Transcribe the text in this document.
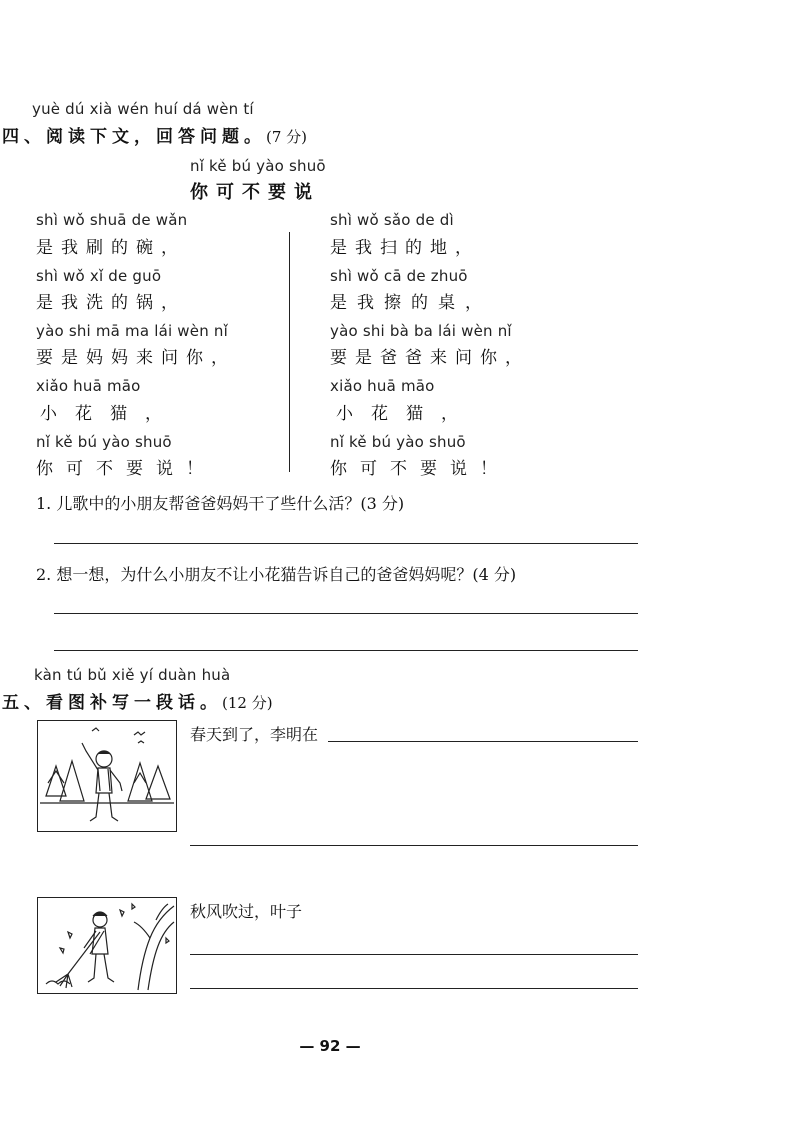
yuè dú xià wén huí dá wèn tí
四、阅读下文，回答问题。(7 分)
nǐ kě bú yào shuō
你可不要说
shì wǒ shuā de wǎn
是我刷的碗，
shì wǒ xǐ de guō
是我洗的锅，
yào shi mā ma lái wèn nǐ
要是妈妈来问你，
xiǎo huā māo
小花猫，
nǐ kě bú yào shuō
你可不要说！
shì wǒ sǎo de dì
是我扫的地，
shì wǒ cā de zhuō
是我擦的桌，
yào shi bà ba lái wèn nǐ
要是爸爸来问你，
xiǎo huā māo
小花猫，
nǐ kě bú yào shuō
你可不要说！
1. 儿歌中的小朋友帮爸爸妈妈干了些什么活？(3 分)
2. 想一想，为什么小朋友不让小花猫告诉自己的爸爸妈妈呢？(4 分)
kàn tú bǔ xiě yí duàn huà
五、看图补写一段话。(12 分)
春天到了，李明在
秋风吹过，叶子
— 92 —
